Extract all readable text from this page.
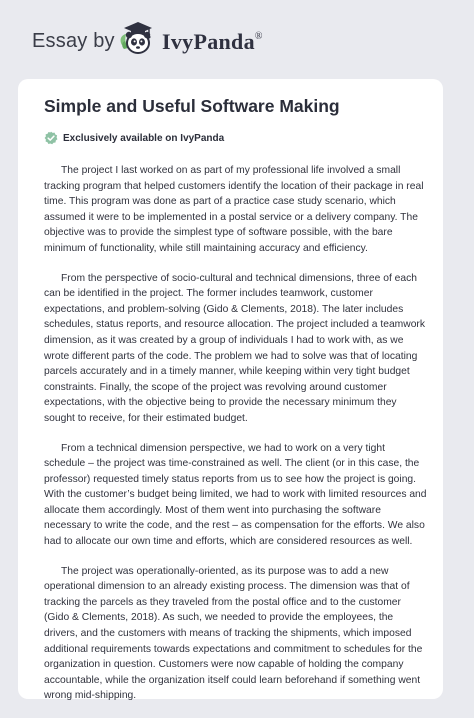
Essay by IvyPanda®
Simple and Useful Software Making
Exclusively available on IvyPanda

The project I last worked on as part of my professional life involved a small tracking program that helped customers identify the location of their package in real time. This program was done as part of a practice case study scenario, which assumed it were to be implemented in a postal service or a delivery company. The objective was to provide the simplest type of software possible, with the bare minimum of functionality, while still maintaining accuracy and efficiency.

From the perspective of socio-cultural and technical dimensions, three of each can be identified in the project. The former includes teamwork, customer expectations, and problem-solving (Gido & Clements, 2018). The later includes schedules, status reports, and resource allocation. The project included a teamwork dimension, as it was created by a group of individuals I had to work with, as we wrote different parts of the code. The problem we had to solve was that of locating parcels accurately and in a timely manner, while keeping within very tight budget constraints. Finally, the scope of the project was revolving around customer expectations, with the objective being to provide the necessary minimum they sought to receive, for their estimated budget.

From a technical dimension perspective, we had to work on a very tight schedule – the project was time-constrained as well. The client (or in this case, the professor) requested timely status reports from us to see how the project is going. With the customer’s budget being limited, we had to work with limited resources and allocate them accordingly. Most of them went into purchasing the software necessary to write the code, and the rest – as compensation for the efforts. We also had to allocate our own time and efforts, which are considered resources as well.

The project was operationally-oriented, as its purpose was to add a new operational dimension to an already existing process. The dimension was that of tracking the parcels as they traveled from the postal office and to the customer (Gido & Clements, 2018). As such, we needed to provide the employees, the drivers, and the customers with means of tracking the shipments, which imposed additional requirements towards expectations and commitment to schedules for the organization in question. Customers were now capable of holding the company accountable, while the organization itself could learn beforehand if something went wrong mid-shipping.
